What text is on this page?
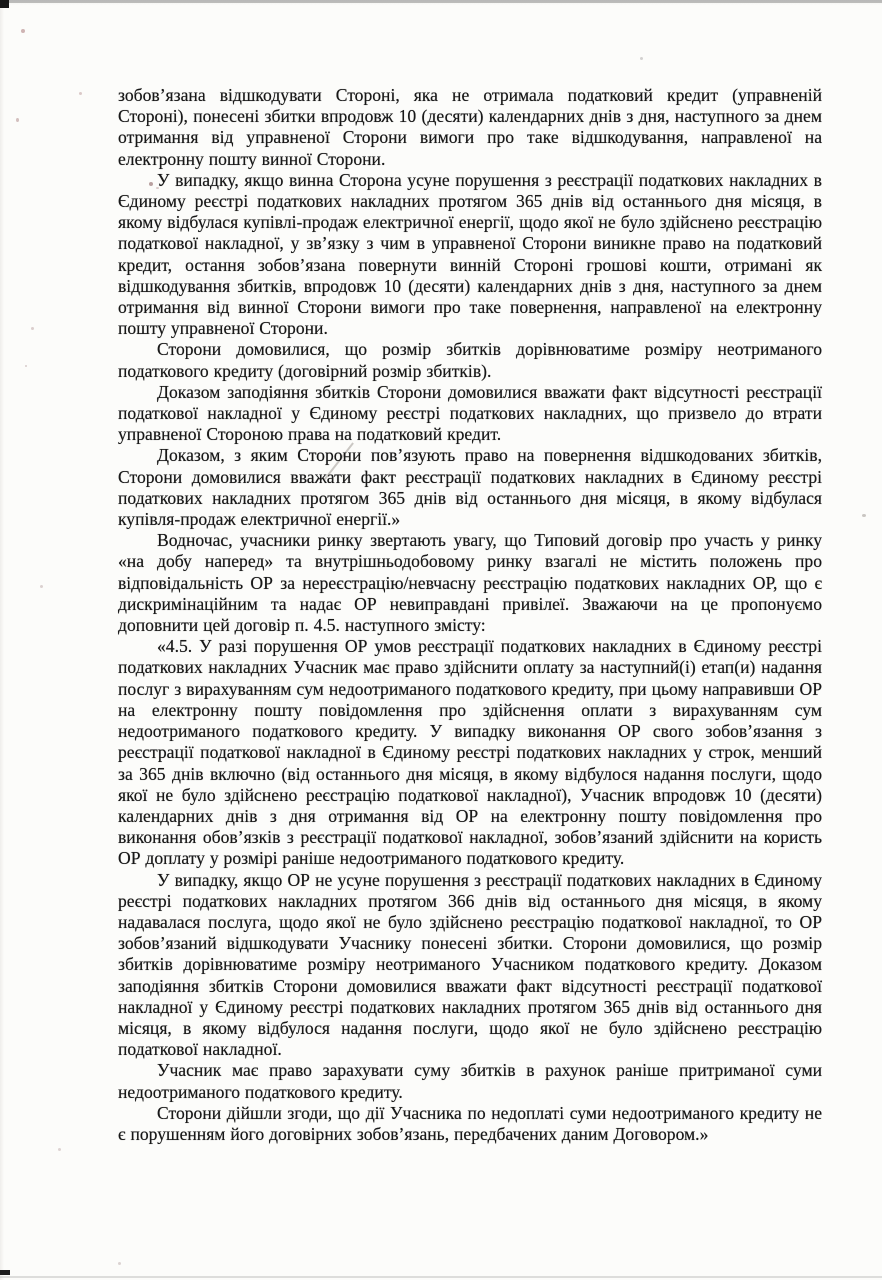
зобов’язана відшкодувати Стороні, яка не отримала податковий кредит (управненій Стороні), понесені збитки впродовж 10 (десяти) календарних днів з дня, наступного за днем отримання від управненої Сторони вимоги про таке відшкодування, направленої на електронну пошту винної Сторони.

У випадку, якщо винна Сторона усуне порушення з реєстрації податкових накладних в Єдиному реєстрі податкових накладних протягом 365 днів від останнього дня місяця, в якому відбулася купівлі-продаж електричної енергії, щодо якої не було здійснено реєстрацію податкової накладної, у зв’язку з чим в управненої Сторони виникне право на податковий кредит, остання зобов’язана повернути винній Стороні грошові кошти, отримані як відшкодування збитків, впродовж 10 (десяти) календарних днів з дня, наступного за днем отримання від винної Сторони вимоги про таке повернення, направленої на електронну пошту управненої Сторони.

Сторони домовилися, що розмір збитків дорівнюватиме розміру неотриманого податкового кредиту (договірний розмір збитків).

Доказом заподіяння збитків Сторони домовилися вважати факт відсутності реєстрації податкової накладної у Єдиному реєстрі податкових накладних, що призвело до втрати управненої Стороною права на податковий кредит.

Доказом, з яким Сторони пов’язують право на повернення відшкодованих збитків, Сторони домовилися вважати факт реєстрації податкових накладних в Єдиному реєстрі податкових накладних протягом 365 днів від останнього дня місяця, в якому відбулася купівля-продаж електричної енергії.»

Водночас, учасники ринку звертають увагу, що Типовий договір про участь у ринку «на добу наперед» та внутрішньодобовому ринку взагалі не містить положень про відповідальність ОР за нереєстрацію/невчасну реєстрацію податкових накладних ОР, що є дискримінаційним та надає ОР невиправдані привілеї. Зважаючи на це пропонуємо доповнити цей договір п. 4.5. наступного змісту:

«4.5. У разі порушення ОР умов реєстрації податкових накладних в Єдиному реєстрі податкових накладних Учасник має право здійснити оплату за наступний(і) етап(и) надання послуг з вирахуванням сум недоотриманого податкового кредиту, при цьому направивши ОР на електронну пошту повідомлення про здійснення оплати з вирахуванням сум недоотриманого податкового кредиту. У випадку виконання ОР свого зобов’язання з реєстрації податкової накладної в Єдиному реєстрі податкових накладних у строк, менший за 365 днів включно (від останнього дня місяця, в якому відбулося надання послуги, щодо якої не було здійснено реєстрацію податкової накладної), Учасник впродовж 10 (десяти) календарних днів з дня отримання від ОР на електронну пошту повідомлення про виконання обов’язків з реєстрації податкової накладної, зобов’язаний здійснити на користь ОР доплату у розмірі раніше недоотриманого податкового кредиту.

У випадку, якщо ОР не усуне порушення з реєстрації податкових накладних в Єдиному реєстрі податкових накладних протягом 366 днів від останнього дня місяця, в якому надавалася послуга, щодо якої не було здійснено реєстрацію податкової накладної, то ОР зобов’язаний відшкодувати Учаснику понесені збитки. Сторони домовилися, що розмір збитків дорівнюватиме розміру неотриманого Учасником податкового кредиту. Доказом заподіяння збитків Сторони домовилися вважати факт відсутності реєстрації податкової накладної у Єдиному реєстрі податкових накладних протягом 365 днів від останнього дня місяця, в якому відбулося надання послуги, щодо якої не було здійснено реєстрацію податкової накладної.

Учасник має право зарахувати суму збитків в рахунок раніше притриманої суми недоотриманого податкового кредиту.

Сторони дійшли згоди, що дії Учасника по недоплаті суми недоотриманого кредиту не є порушенням його договірних зобов’язань, передбачених даним Договором.»
